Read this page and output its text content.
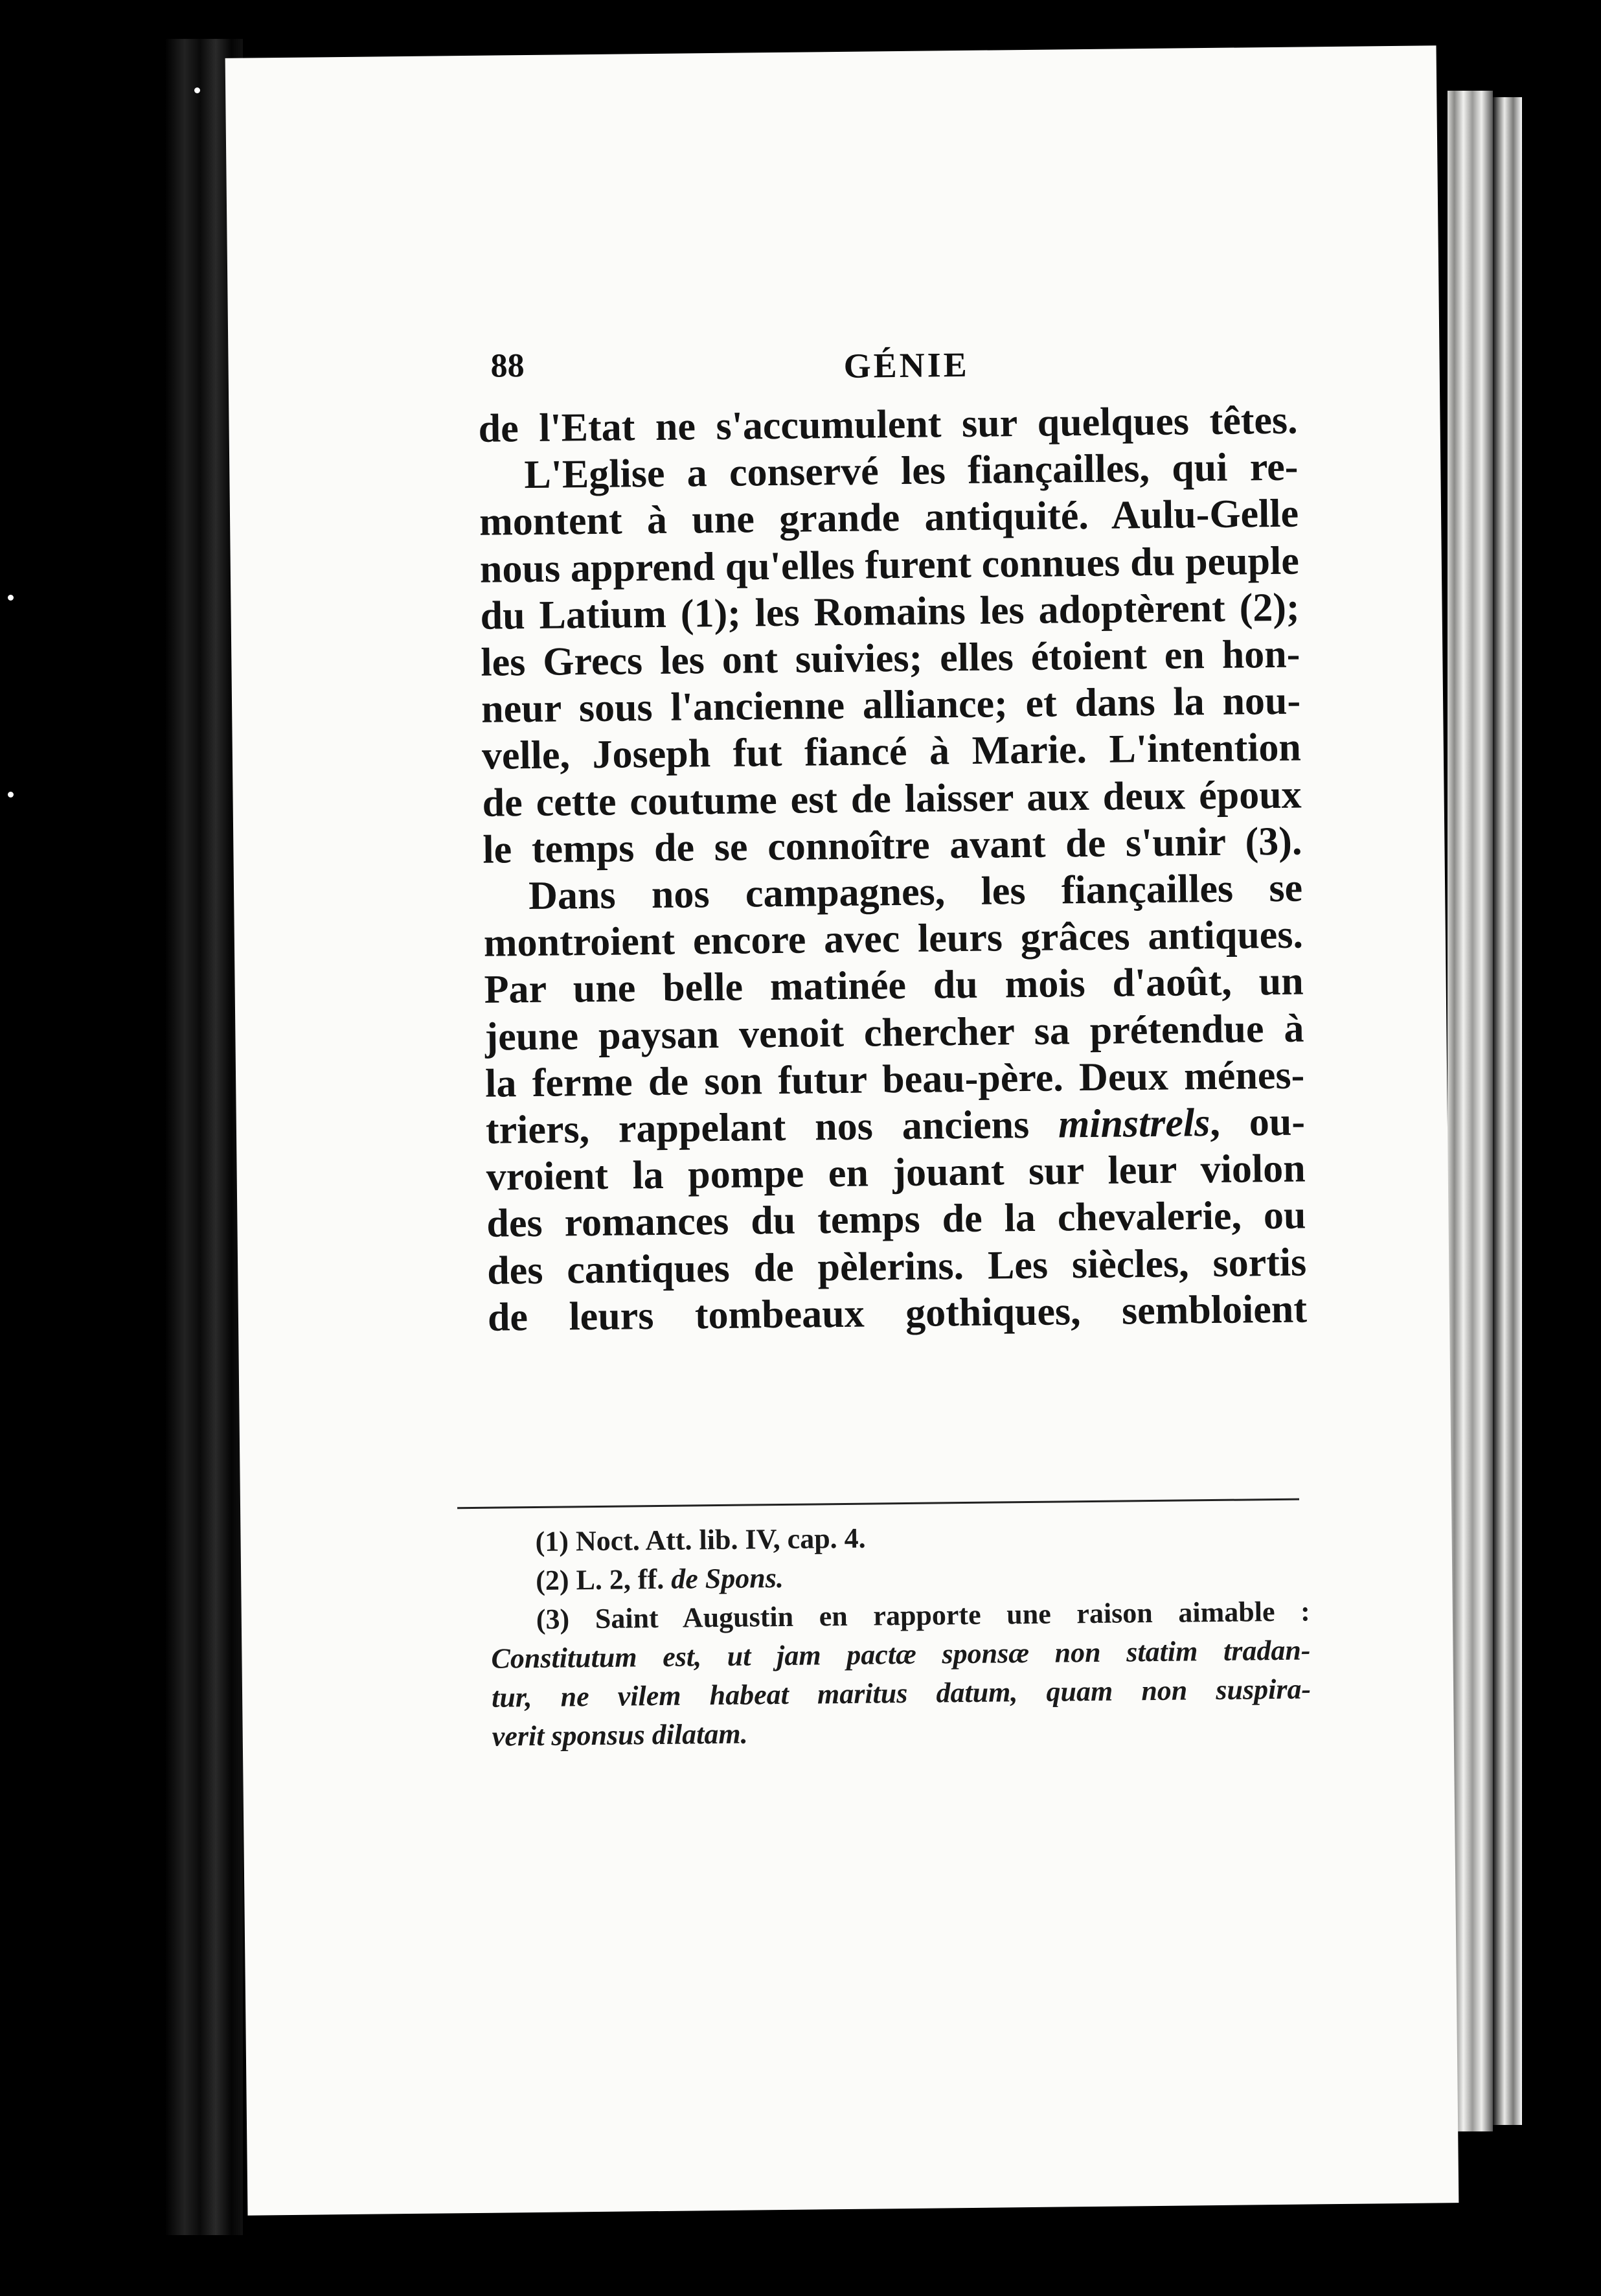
88	GÉNIE
de l'Etat ne s'accumulent sur quelques têtes.
L'Eglise a conservé les fiançailles, qui re-
montent à une grande antiquité. Aulu-Gelle
nous apprend qu'elles furent connues du peuple
du Latium (1); les Romains les adoptèrent (2);
les Grecs les ont suivies; elles étoient en hon-
neur sous l'ancienne alliance; et dans la nou-
velle, Joseph fut fiancé à Marie. L'intention
de cette coutume est de laisser aux deux époux
le temps de se connoître avant de s'unir (3).
Dans nos campagnes, les fiançailles se
montroient encore avec leurs grâces antiques.
Par une belle matinée du mois d'août, un
jeune paysan venoit chercher sa prétendue à
la ferme de son futur beau-père. Deux ménes-
triers, rappelant nos anciens minstrels, ou-
vroient la pompe en jouant sur leur violon
des romances du temps de la chevalerie, ou
des cantiques de pèlerins. Les siècles, sortis
de leurs tombeaux gothiques, sembloient
(1) Noct. Att. lib. IV, cap. 4.
(2) L. 2, ff. de Spons.
(3) Saint Augustin en rapporte une raison aimable :
Constitutum est, ut jam pactæ sponsæ non statim tradan-
tur, ne vilem habeat maritus datum, quam non suspira-
verit sponsus dilatam.
